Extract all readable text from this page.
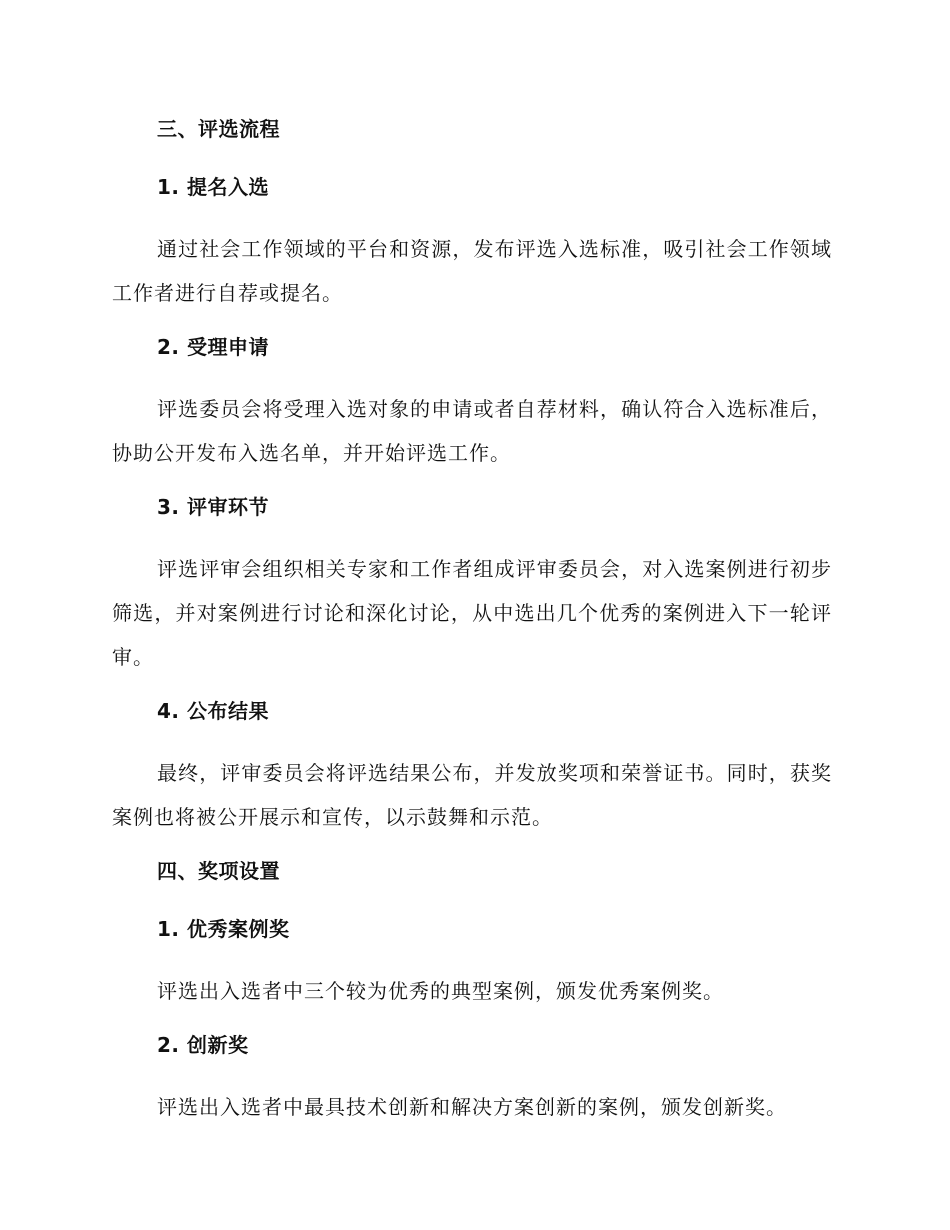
三、评选流程
1. 提名入选

通过社会工作领域的平台和资源，发布评选入选标准，吸引社会工作领域工作者进行自荐或提名。

2. 受理申请

评选委员会将受理入选对象的申请或者自荐材料，确认符合入选标准后，协助公开发布入选名单，并开始评选工作。

3. 评审环节

评选评审会组织相关专家和工作者组成评审委员会，对入选案例进行初步筛选，并对案例进行讨论和深化讨论，从中选出几个优秀的案例进入下一轮评审。

4. 公布结果

最终，评审委员会将评选结果公布，并发放奖项和荣誉证书。同时，获奖案例也将被公开展示和宣传，以示鼓舞和示范。

四、奖项设置
1. 优秀案例奖

评选出入选者中三个较为优秀的典型案例，颁发优秀案例奖。

2. 创新奖

评选出入选者中最具技术创新和解决方案创新的案例，颁发创新奖。
